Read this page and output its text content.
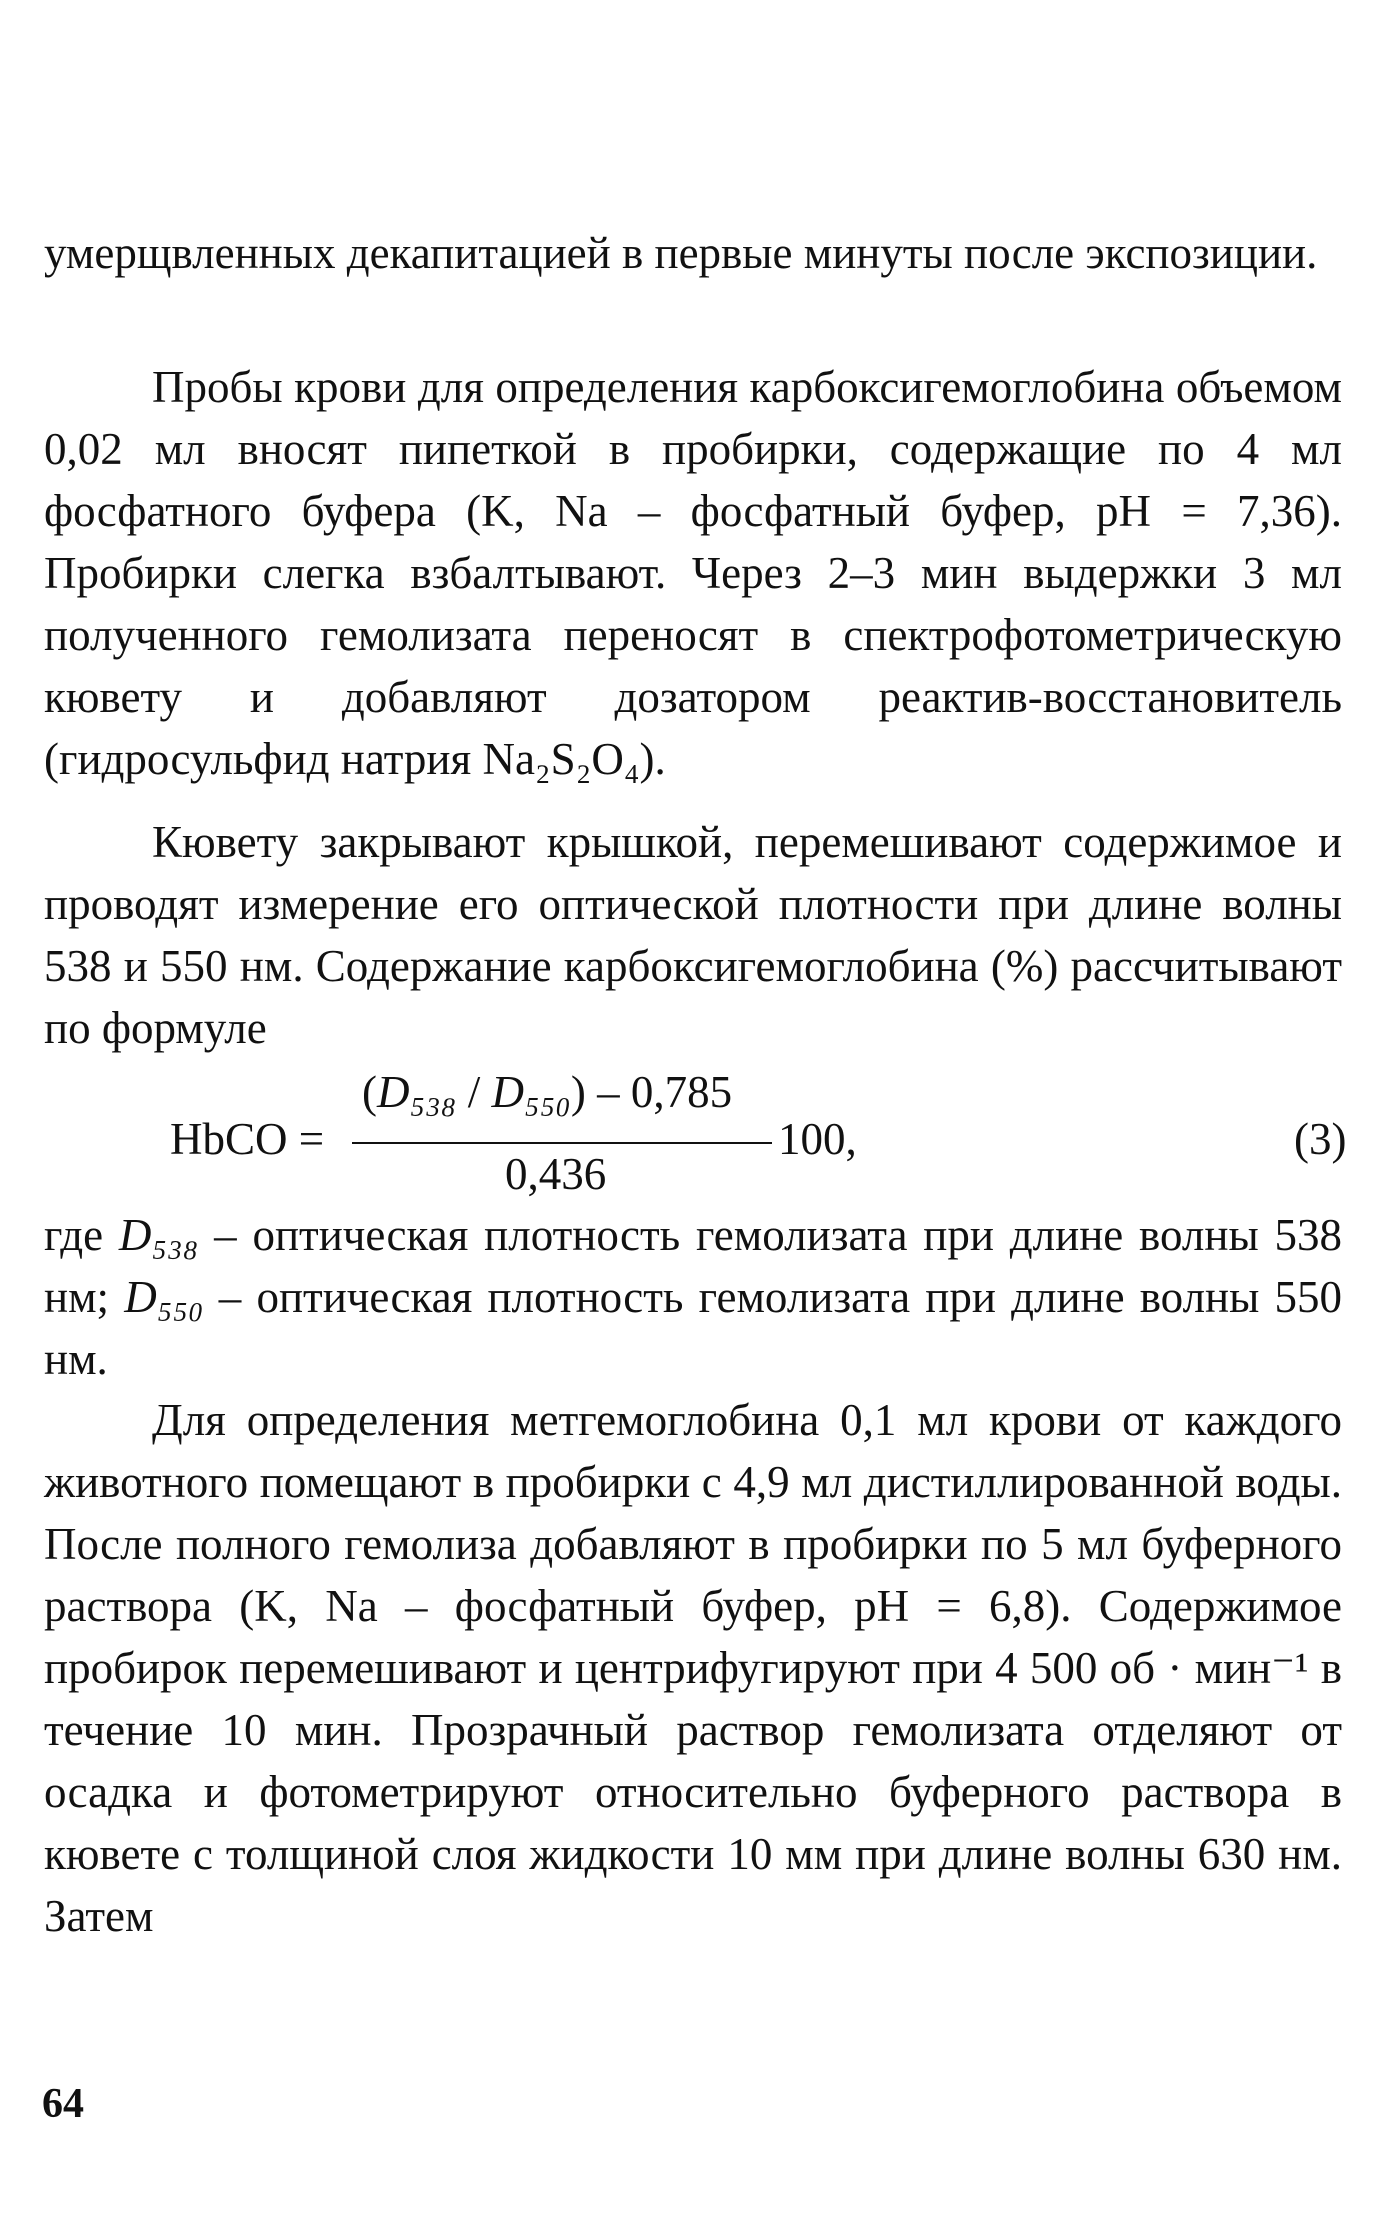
умерщвленных декапитацией в первые минуты после экспозиции.

Пробы крови для определения карбоксигемоглобина объемом 0,02 мл вносят пипеткой в пробирки, содержащие по 4 мл фосфатного буфера (K, Na – фосфатный буфер, pH = 7,36). Пробирки слегка взбалтывают. Через 2–3 мин выдержки 3 мл полученного гемолизата переносят в спектрофотометрическую кювету и добавляют дозатором реактив-восстановитель (гидросульфид натрия Na₂S₂O₄).

Кювету закрывают крышкой, перемешивают содержимое и проводят измерение его оптической плотности при длине волны 538 и 550 нм. Содержание карбоксигемоглобина (%) рассчитывают по формуле

HbCO =
(D₅₃₈ / D₅₅₀) – 0,785
0,436
100,	(3)

где D₅₃₈ – оптическая плотность гемолизата при длине волны 538 нм; D₅₅₀ – оптическая плотность гемолизата при длине волны 550 нм.

Для определения метгемоглобина 0,1 мл крови от каждого животного помещают в пробирки с 4,9 мл дистиллированной воды. После полного гемолиза добавляют в пробирки по 5 мл буферного раствора (K, Na – фосфатный буфер, pH = 6,8). Содержимое пробирок перемешивают и центрифугируют при 4 500 об · мин⁻¹ в течение 10 мин. Прозрачный раствор гемолизата отделяют от осадка и фотометрируют относительно буферного раствора в кювете с толщиной слоя жидкости 10 мм при длине волны 630 нм. Затем

64
